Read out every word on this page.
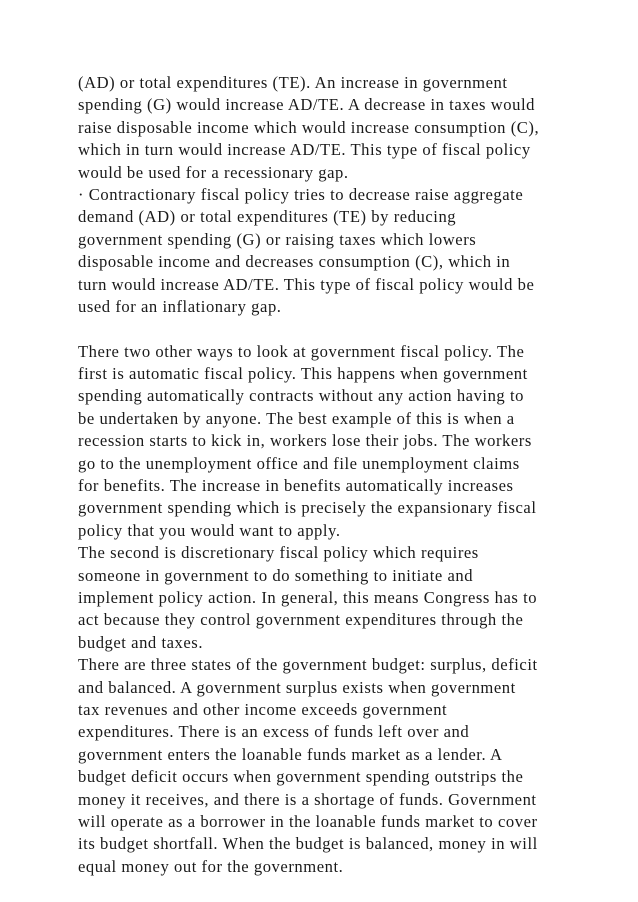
(AD) or total expenditures (TE). An increase in government
spending (G) would increase AD/TE. A decrease in taxes would
raise disposable income which would increase consumption (C),
which in turn would increase AD/TE. This type of fiscal policy
would be used for a recessionary gap.
· Contractionary fiscal policy tries to decrease raise aggregate
demand (AD) or total expenditures (TE) by reducing
government spending (G) or raising taxes which lowers
disposable income and decreases consumption (C), which in
turn would increase AD/TE. This type of fiscal policy would be
used for an inflationary gap.
There two other ways to look at government fiscal policy. The
first is automatic fiscal policy. This happens when government
spending automatically contracts without any action having to
be undertaken by anyone. The best example of this is when a
recession starts to kick in, workers lose their jobs. The workers
go to the unemployment office and file unemployment claims
for benefits. The increase in benefits automatically increases
government spending which is precisely the expansionary fiscal
policy that you would want to apply.
The second is discretionary fiscal policy which requires
someone in government to do something to initiate and
implement policy action. In general, this means Congress has to
act because they control government expenditures through the
budget and taxes.
There are three states of the government budget: surplus, deficit
and balanced. A government surplus exists when government
tax revenues and other income exceeds government
expenditures. There is an excess of funds left over and
government enters the loanable funds market as a lender. A
budget deficit occurs when government spending outstrips the
money it receives, and there is a shortage of funds. Government
will operate as a borrower in the loanable funds market to cover
its budget shortfall. When the budget is balanced, money in will
equal money out for the government.
